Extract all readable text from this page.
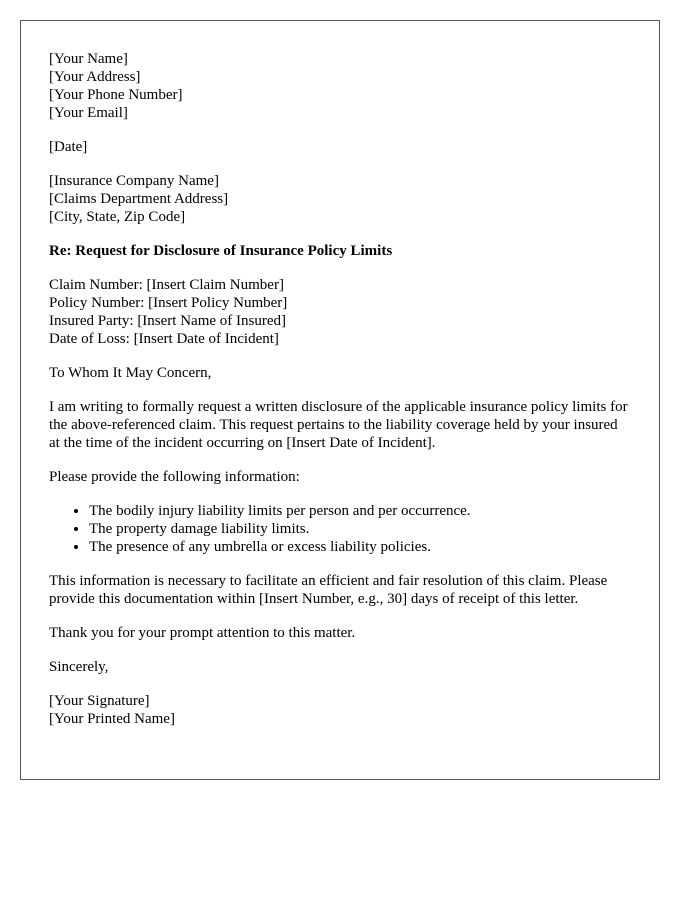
[Your Name]
[Your Address]
[Your Phone Number]
[Your Email]
[Date]
[Insurance Company Name]
[Claims Department Address]
[City, State, Zip Code]
Re: Request for Disclosure of Insurance Policy Limits
Claim Number: [Insert Claim Number]
Policy Number: [Insert Policy Number]
Insured Party: [Insert Name of Insured]
Date of Loss: [Insert Date of Incident]

To Whom It May Concern,

I am writing to formally request a written disclosure of the applicable insurance policy limits for the above-referenced claim. This request pertains to the liability coverage held by your insured at the time of the incident occurring on [Insert Date of Incident].

Please provide the following information:

• The bodily injury liability limits per person and per occurrence.
• The property damage liability limits.
• The presence of any umbrella or excess liability policies.

This information is necessary to facilitate an efficient and fair resolution of this claim. Please provide this documentation within [Insert Number, e.g., 30] days of receipt of this letter.

Thank you for your prompt attention to this matter.

Sincerely,

[Your Signature]
[Your Printed Name]
